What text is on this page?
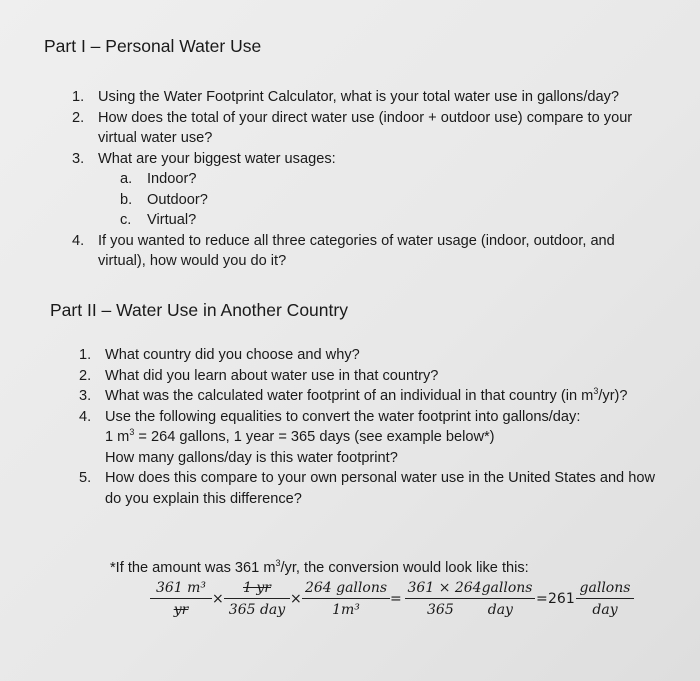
Part I – Personal Water Use
1. Using the Water Footprint Calculator, what is your total water use in gallons/day?
2. How does the total of your direct water use (indoor + outdoor use) compare to your
virtual water use?
3. What are your biggest water usages:
a. Indoor?
b. Outdoor?
c. Virtual?
4. If you wanted to reduce all three categories of water usage (indoor, outdoor, and
virtual), how would you do it?
Part II – Water Use in Another Country
1. What country did you choose and why?
2. What did you learn about water use in that country?
3. What was the calculated water footprint of an individual in that country (in $m^3/yr$)?
4. Use the following equalities to convert the water footprint into gallons/day:
1 $m^3 = 264$ gallons, 1 year = 365 days (see example below*)
How many gallons/day is this water footprint?
5. How does this compare to your own personal water use in the United States and how
do you explain this difference?
*If the amount was 361 $m^3/yr$, the conversion would look like this:
$\frac{\text{361 m³}}{yr}$ ×
1 yr
365 day
×
264 gallons
1m³
=
361 × 264gallons
365 day
= 261
gallons
day
